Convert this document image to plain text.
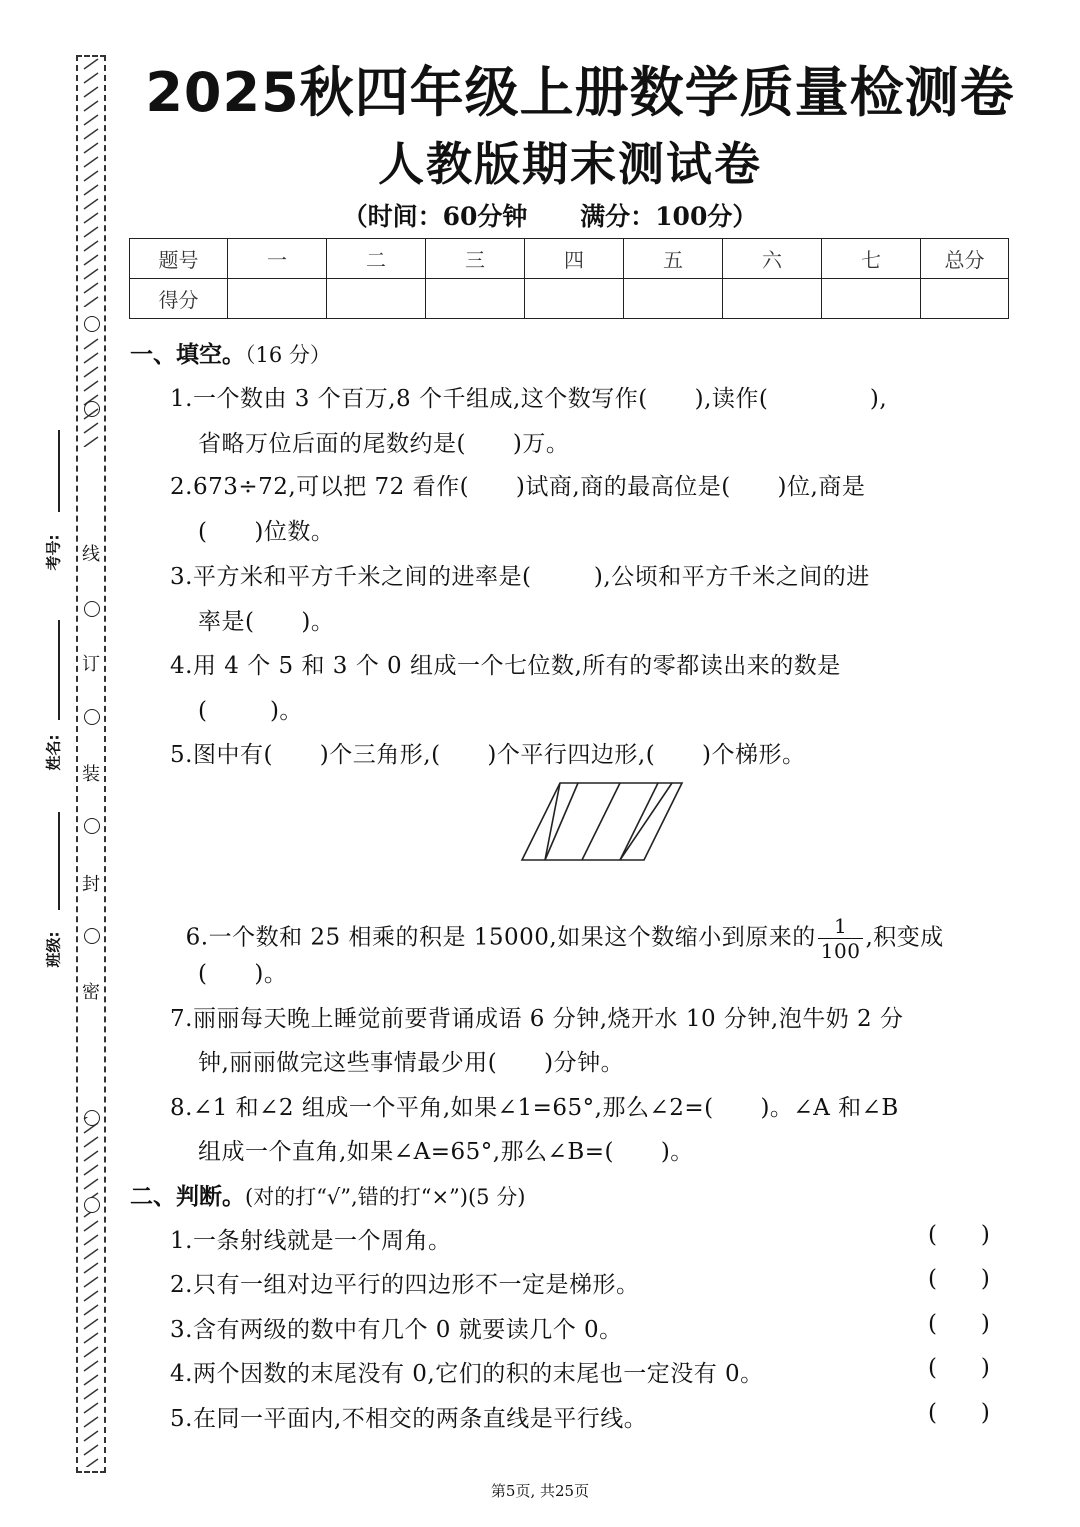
线
订
装
封
密
考号:
姓名:
班级:
2025秋四年级上册数学质量检测卷
人教版期末测试卷
（时间：60分钟 满分：100分）
题号	一	二	三	四	五	六	七	总分
得分								
一、填空。（16 分）
1.一个数由 3 个百万,8 个千组成,这个数写作(      ),读作(             ),
省略万位后面的尾数约是(      )万。
2.673÷72,可以把 72 看作(      )试商,商的最高位是(      )位,商是
(      )位数。
3.平方米和平方千米之间的进率是(        ),公顷和平方千米之间的进
率是(      )。
4.用 4 个 5 和 3 个 0 组成一个七位数,所有的零都读出来的数是
(        )。
5.图中有(      )个三角形,(      )个平行四边形,(      )个梯形。

6.一个数和 25 相乘的积是 15000,如果这个数缩小到原来的 $\frac{1}{100}$ ,积变成

(      )。
7.丽丽每天晚上睡觉前要背诵成语 6 分钟,烧开水 10 分钟,泡牛奶 2 分
钟,丽丽做完这些事情最少用(      )分钟。
8.∠1 和∠2 组成一个平角,如果∠1=65°,那么∠2=(      )。∠A 和∠B
组成一个直角,如果∠A=65°,那么∠B=(      )。
二、判断。(对的打“√”,错的打“×”)(5 分)
1.一条射线就是一个周角。	(      )
2.只有一组对边平行的四边形不一定是梯形。	(      )
3.含有两级的数中有几个 0 就要读几个 0。	(      )
4.两个因数的末尾没有 0,它们的积的末尾也一定没有 0。	(      )
5.在同一平面内,不相交的两条直线是平行线。	(      )
第5页, 共25页
